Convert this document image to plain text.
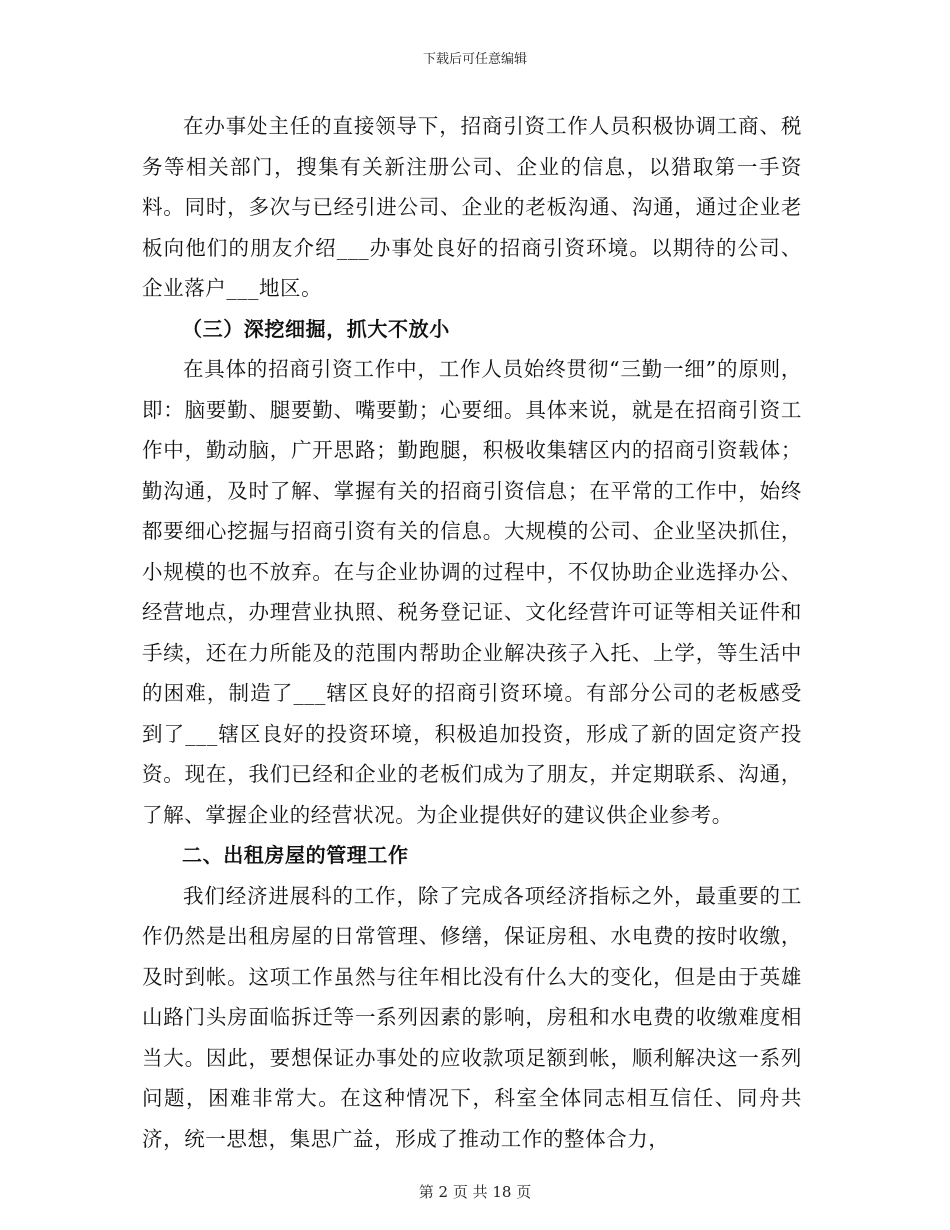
下载后可任意编辑

在办事处主任的直接领导下，招商引资工作人员积极协调工商、税务等相关部门，搜集有关新注册公司、企业的信息，以猎取第一手资料。同时，多次与已经引进公司、企业的老板沟通、沟通，通过企业老板向他们的朋友介绍___办事处良好的招商引资环境。以期待的公司、企业落户___地区。

（三）深挖细掘，抓大不放小

在具体的招商引资工作中，工作人员始终贯彻“三勤一细”的原则，即：脑要勤、腿要勤、嘴要勤；心要细。具体来说，就是在招商引资工作中，勤动脑，广开思路；勤跑腿，积极收集辖区内的招商引资载体；勤沟通，及时了解、掌握有关的招商引资信息；在平常的工作中，始终都要细心挖掘与招商引资有关的信息。大规模的公司、企业坚决抓住，小规模的也不放弃。在与企业协调的过程中，不仅协助企业选择办公、经营地点，办理营业执照、税务登记证、文化经营许可证等相关证件和手续，还在力所能及的范围内帮助企业解决孩子入托、上学，等生活中的困难，制造了___辖区良好的招商引资环境。有部分公司的老板感受到了___辖区良好的投资环境，积极追加投资，形成了新的固定资产投资。现在，我们已经和企业的老板们成为了朋友，并定期联系、沟通，了解、掌握企业的经营状况。为企业提供好的建议供企业参考。

二、出租房屋的管理工作

我们经济进展科的工作，除了完成各项经济指标之外，最重要的工作仍然是出租房屋的日常管理、修缮，保证房租、水电费的按时收缴，及时到帐。这项工作虽然与往年相比没有什么大的变化，但是由于英雄山路门头房面临拆迁等一系列因素的影响，房租和水电费的收缴难度相当大。因此，要想保证办事处的应收款项足额到帐，顺利解决这一系列问题，困难非常大。在这种情况下，科室全体同志相互信任、同舟共济，统一思想，集思广益，形成了推动工作的整体合力，

第 2 页 共 18 页
